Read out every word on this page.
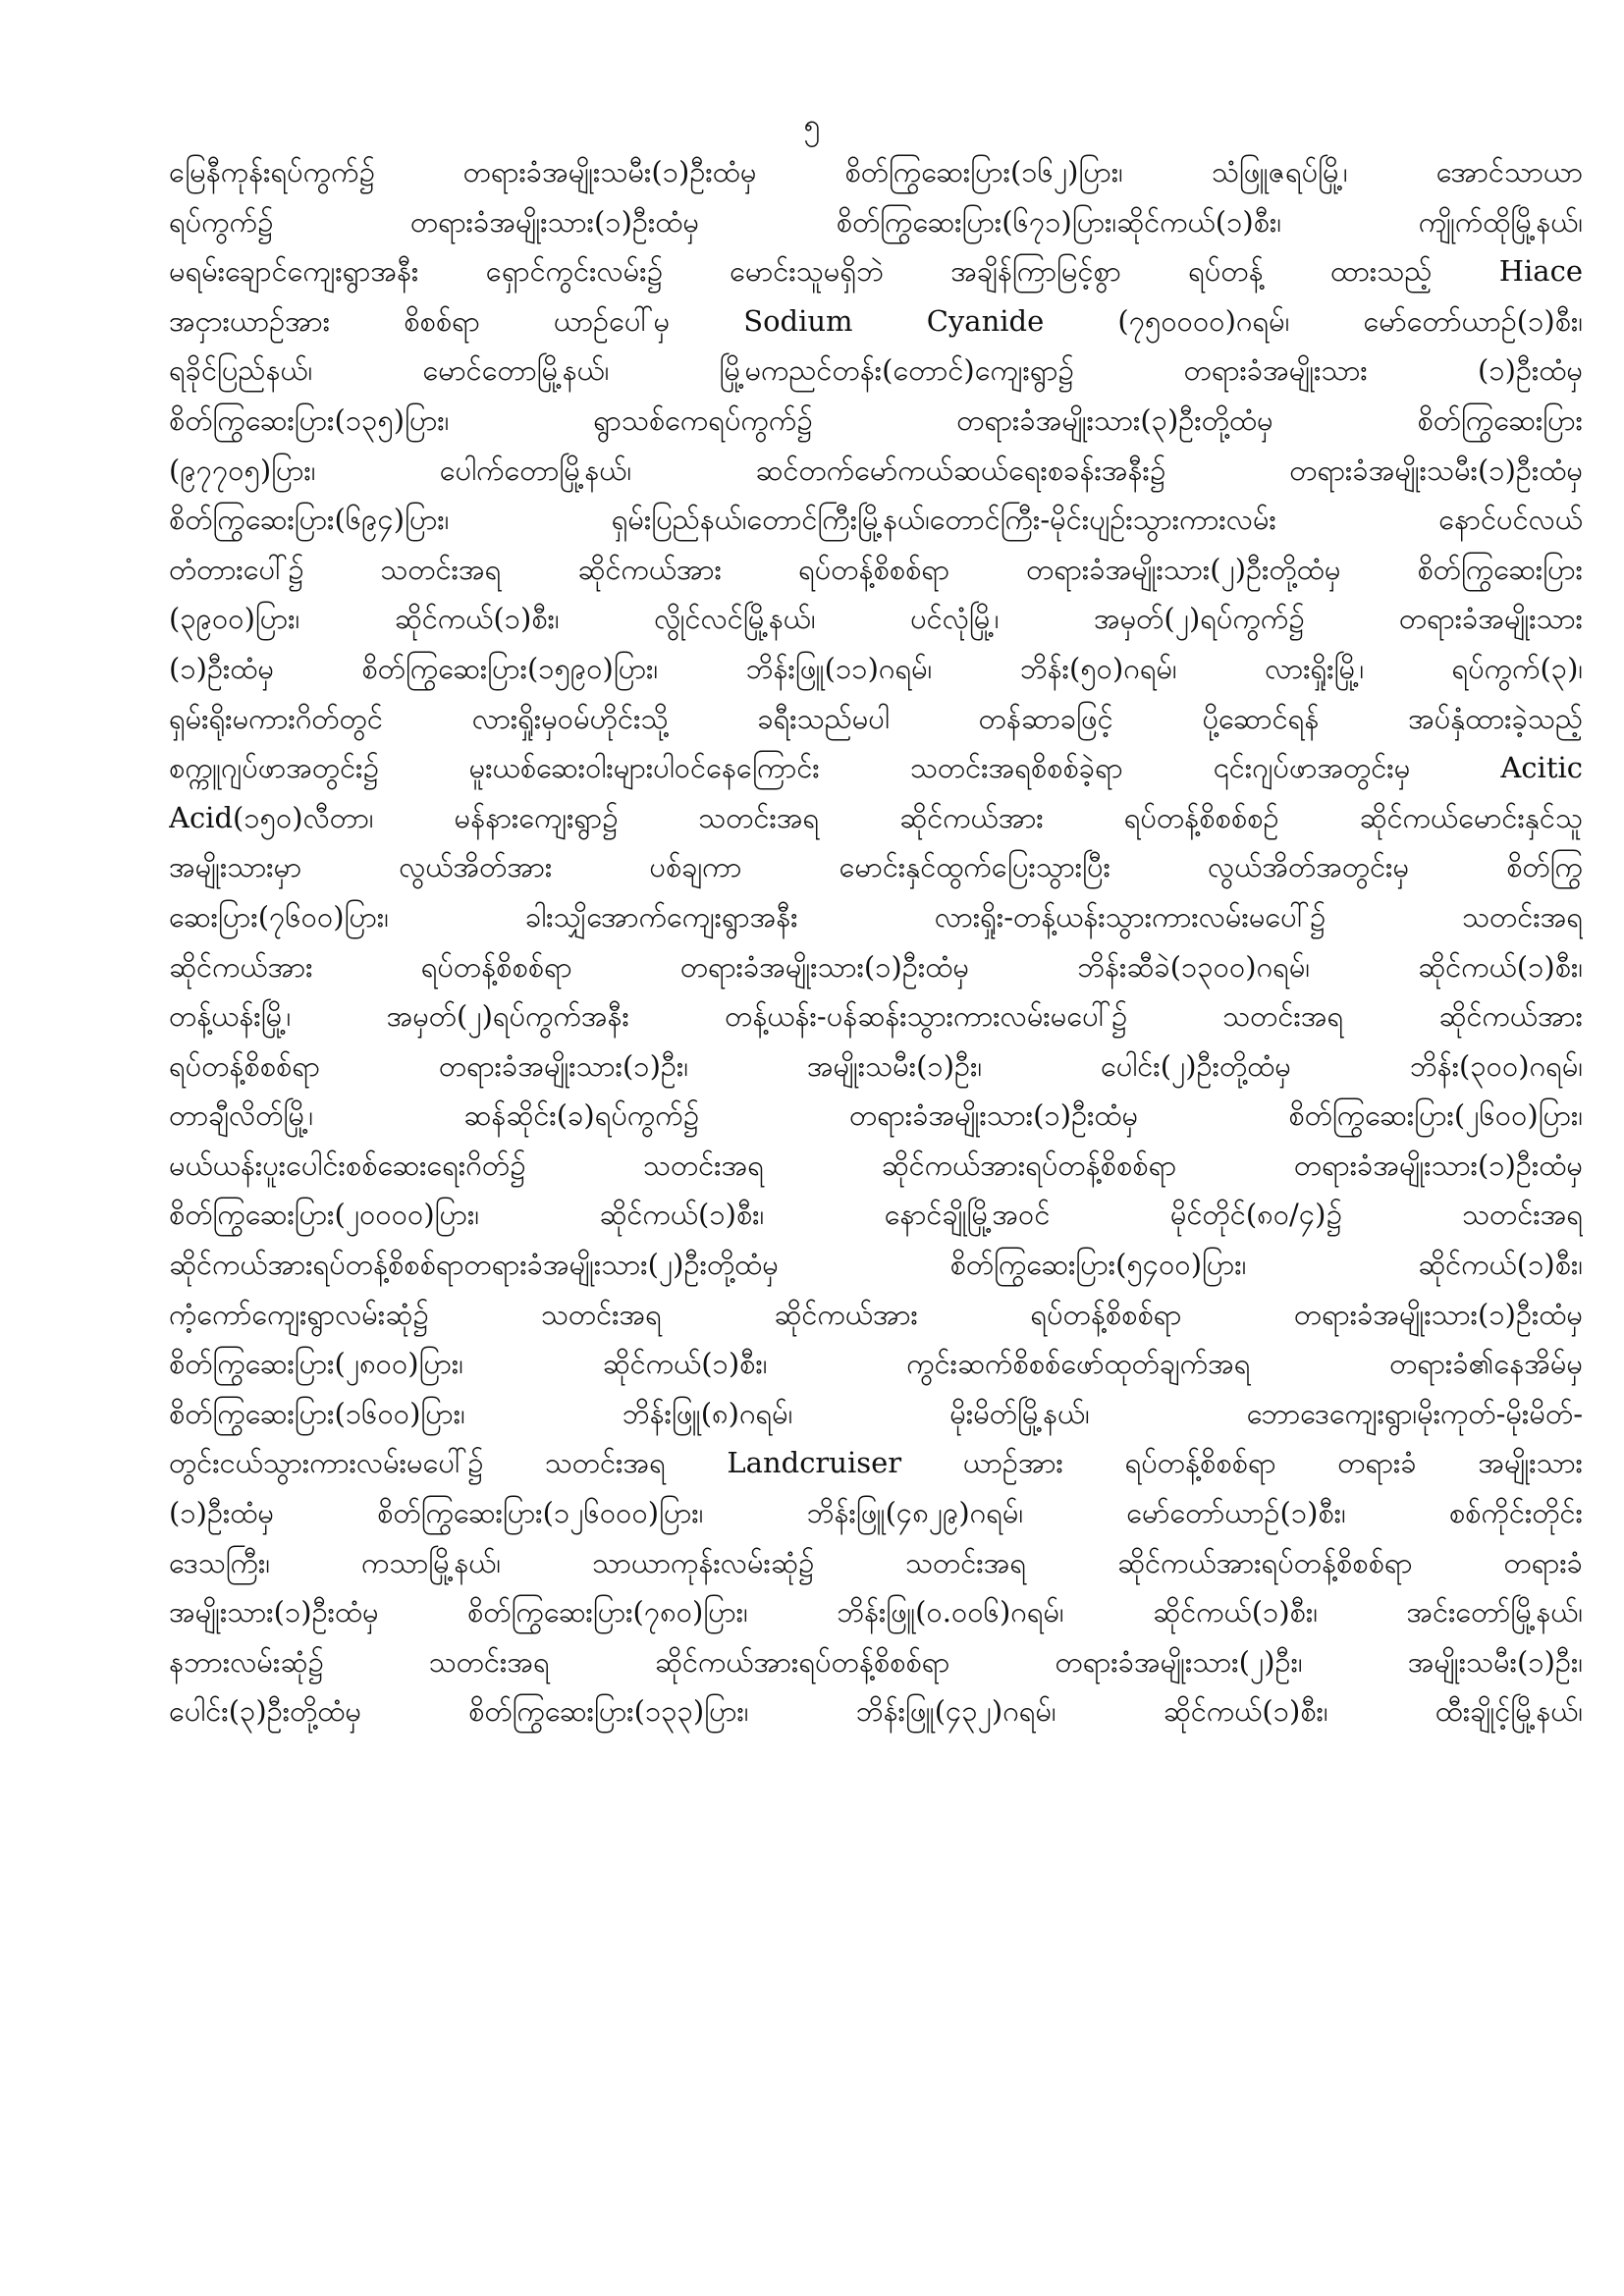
၅
မြေနီကုန်းရပ်ကွက်၌ တရားခံအမျိုးသမီး(၁)ဦးထံမှ စိတ်ကြွဆေးပြား(၁၆၂)ပြား၊ သံဖြူဇရပ်မြို့၊ အောင်သာယာ
ရပ်ကွက်၌ တရားခံအမျိုးသား(၁)ဦးထံမှ စိတ်ကြွဆေးပြား(၆၇၁)ပြား၊ဆိုင်ကယ်(၁)စီး၊ ကျိုက်ထိုမြို့နယ်၊
မရမ်းချောင်ကျေးရွာအနီး ရှောင်ကွင်းလမ်း၌ မောင်းသူမရှိဘဲ အချိန်ကြာမြင့်စွာ ရပ်တန့် ထားသည့် Hiace
အငှားယာဉ်အား စိစစ်ရာ ယာဉ်ပေါ်မှ Sodium Cyanide (၇၅၀၀၀၀)ဂရမ်၊ မော်တော်ယာဉ်(၁)စီး၊
ရခိုင်ပြည်နယ်၊ မောင်တောမြို့နယ်၊ မြို့မကညင်တန်း(တောင်)ကျေးရွာ၌ တရားခံအမျိုးသား (၁)ဦးထံမှ
စိတ်ကြွဆေးပြား(၁၃၅)ပြား၊ ရွာသစ်ကေရပ်ကွက်၌ တရားခံအမျိုးသား(၃)ဦးတို့ထံမှ စိတ်ကြွဆေးပြား
(၉၇၇၀၅)ပြား၊ ပေါက်တောမြို့နယ်၊ ဆင်တက်မော်ကယ်ဆယ်ရေးစခန်းအနီး၌ တရားခံအမျိုးသမီး(၁)ဦးထံမှ
စိတ်ကြွဆေးပြား(၆၉၄)ပြား၊ ရှမ်းပြည်နယ်၊တောင်ကြီးမြို့နယ်၊တောင်ကြီး-မိုင်းပျဉ်းသွားကားလမ်း နောင်ပင်လယ်
တံတားပေါ်၌ သတင်းအရ ဆိုင်ကယ်အား ရပ်တန့်စိစစ်ရာ တရားခံအမျိုးသား(၂)ဦးတို့ထံမှ စိတ်ကြွဆေးပြား
(၃၉၀၀)ပြား၊ ဆိုင်ကယ်(၁)စီး၊ လွိုင်လင်မြို့နယ်၊ ပင်လုံမြို့၊ အမှတ်(၂)ရပ်ကွက်၌ တရားခံအမျိုးသား
(၁)ဦးထံမှ စိတ်ကြွဆေးပြား(၁၅၉၀)ပြား၊ ဘိန်းဖြူ(၁၁)ဂရမ်၊ ဘိန်း(၅၀)ဂရမ်၊ လားရှိုးမြို့၊ ရပ်ကွက်(၃)၊
ရှမ်းရိုးမကားဂိတ်တွင် လားရှိုးမှဝမ်ဟိုင်းသို့ ခရီးသည်မပါ တန်ဆာခဖြင့် ပို့ဆောင်ရန် အပ်နှံထားခဲ့သည့်
စက္ကူဂျပ်ဖာအတွင်း၌ မူးယစ်ဆေးဝါးများပါဝင်နေကြောင်း သတင်းအရစိစစ်ခဲ့ရာ ၎င်းဂျပ်ဖာအတွင်းမှ Acitic
Acid(၁၅၀)လီတာ၊ မန်နားကျေးရွာ၌ သတင်းအရ ဆိုင်ကယ်အား ရပ်တန့်စိစစ်စဉ် ဆိုင်ကယ်မောင်းနှင်သူ
အမျိုးသားမှာ လွယ်အိတ်အား ပစ်ချကာ မောင်းနှင်ထွက်ပြေးသွားပြီး လွယ်အိတ်အတွင်းမှ စိတ်ကြွ
ဆေးပြား(၇၆၀၀)ပြား၊ ခါးသျှိအောက်ကျေးရွာအနီး လားရှိုး-တန့်ယန်းသွားကားလမ်းမပေါ်၌ သတင်းအရ
ဆိုင်ကယ်အား ရပ်တန့်စိစစ်ရာ တရားခံအမျိုးသား(၁)ဦးထံမှ ဘိန်းဆီခဲ(၁၃၀၀)ဂရမ်၊ ဆိုင်ကယ်(၁)စီး၊
တန့်ယန်းမြို့၊ အမှတ်(၂)ရပ်ကွက်အနီး တန့်ယန်း-ပန်ဆန်းသွားကားလမ်းမပေါ်၌ သတင်းအရ ဆိုင်ကယ်အား
ရပ်တန့်စိစစ်ရာ တရားခံအမျိုးသား(၁)ဦး၊ အမျိုးသမီး(၁)ဦး၊ ပေါင်း(၂)ဦးတို့ထံမှ ဘိန်း(၃၀၀)ဂရမ်၊
တာချီလိတ်မြို့၊ ဆန်ဆိုင်း(ခ)ရပ်ကွက်၌ တရားခံအမျိုးသား(၁)ဦးထံမှ စိတ်ကြွဆေးပြား(၂၆၀၀)ပြား၊
မယ်ယန်းပူးပေါင်းစစ်ဆေးရေးဂိတ်၌ သတင်းအရ ဆိုင်ကယ်အားရပ်တန့်စိစစ်ရာ တရားခံအမျိုးသား(၁)ဦးထံမှ
စိတ်ကြွဆေးပြား(၂၀၀၀၀)ပြား၊ ဆိုင်ကယ်(၁)စီး၊ နောင်ချိုမြို့အဝင် မိုင်တိုင်(၈၀/၄)၌ သတင်းအရ
ဆိုင်ကယ်အားရပ်တန့်စိစစ်ရာတရားခံအမျိုးသား(၂)ဦးတို့ထံမှ စိတ်ကြွဆေးပြား(၅၄၀၀)ပြား၊ ဆိုင်ကယ်(၁)စီး၊
ကံ့ကော်ကျေးရွာလမ်းဆုံ၌ သတင်းအရ ဆိုင်ကယ်အား ရပ်တန့်စိစစ်ရာ တရားခံအမျိုးသား(၁)ဦးထံမှ
စိတ်ကြွဆေးပြား(၂၈၀၀)ပြား၊ ဆိုင်ကယ်(၁)စီး၊ ကွင်းဆက်စိစစ်ဖော်ထုတ်ချက်အရ တရားခံ၏နေအိမ်မှ
စိတ်ကြွဆေးပြား(၁၆၀၀)ပြား၊ ဘိန်းဖြူ(၈)ဂရမ်၊ မိုးမိတ်မြို့နယ်၊ ဘောဒေကျေးရွာ၊မိုးကုတ်-မိုးမိတ်-
တွင်းငယ်သွားကားလမ်းမပေါ်၌ သတင်းအရ Landcruiser ယာဉ်အား ရပ်တန့်စိစစ်ရာ တရားခံ အမျိုးသား
(၁)ဦးထံမှ စိတ်ကြွဆေးပြား(၁၂၆၀၀၀)ပြား၊ ဘိန်းဖြူ(၄၈၂၉)ဂရမ်၊ မော်တော်ယာဉ်(၁)စီး၊ စစ်ကိုင်းတိုင်း
ဒေသကြီး၊ ကသာမြို့နယ်၊ သာယာကုန်းလမ်းဆုံ၌ သတင်းအရ ဆိုင်ကယ်အားရပ်တန့်စိစစ်ရာ တရားခံ
အမျိုးသား(၁)ဦးထံမှ စိတ်ကြွဆေးပြား(၇၈၀)ပြား၊ ဘိန်းဖြူ(၀.၀၀၆)ဂရမ်၊ ဆိုင်ကယ်(၁)စီး၊ အင်းတော်မြို့နယ်၊
နဘားလမ်းဆုံ၌ သတင်းအရ ဆိုင်ကယ်အားရပ်တန့်စိစစ်ရာ တရားခံအမျိုးသား(၂)ဦး၊ အမျိုးသမီး(၁)ဦး၊
ပေါင်း(၃)ဦးတို့ထံမှ စိတ်ကြွဆေးပြား(၁၃၃)ပြား၊ ဘိန်းဖြူ(၄၃၂)ဂရမ်၊ ဆိုင်ကယ်(၁)စီး၊ ထီးချိုင့်မြို့နယ်၊
